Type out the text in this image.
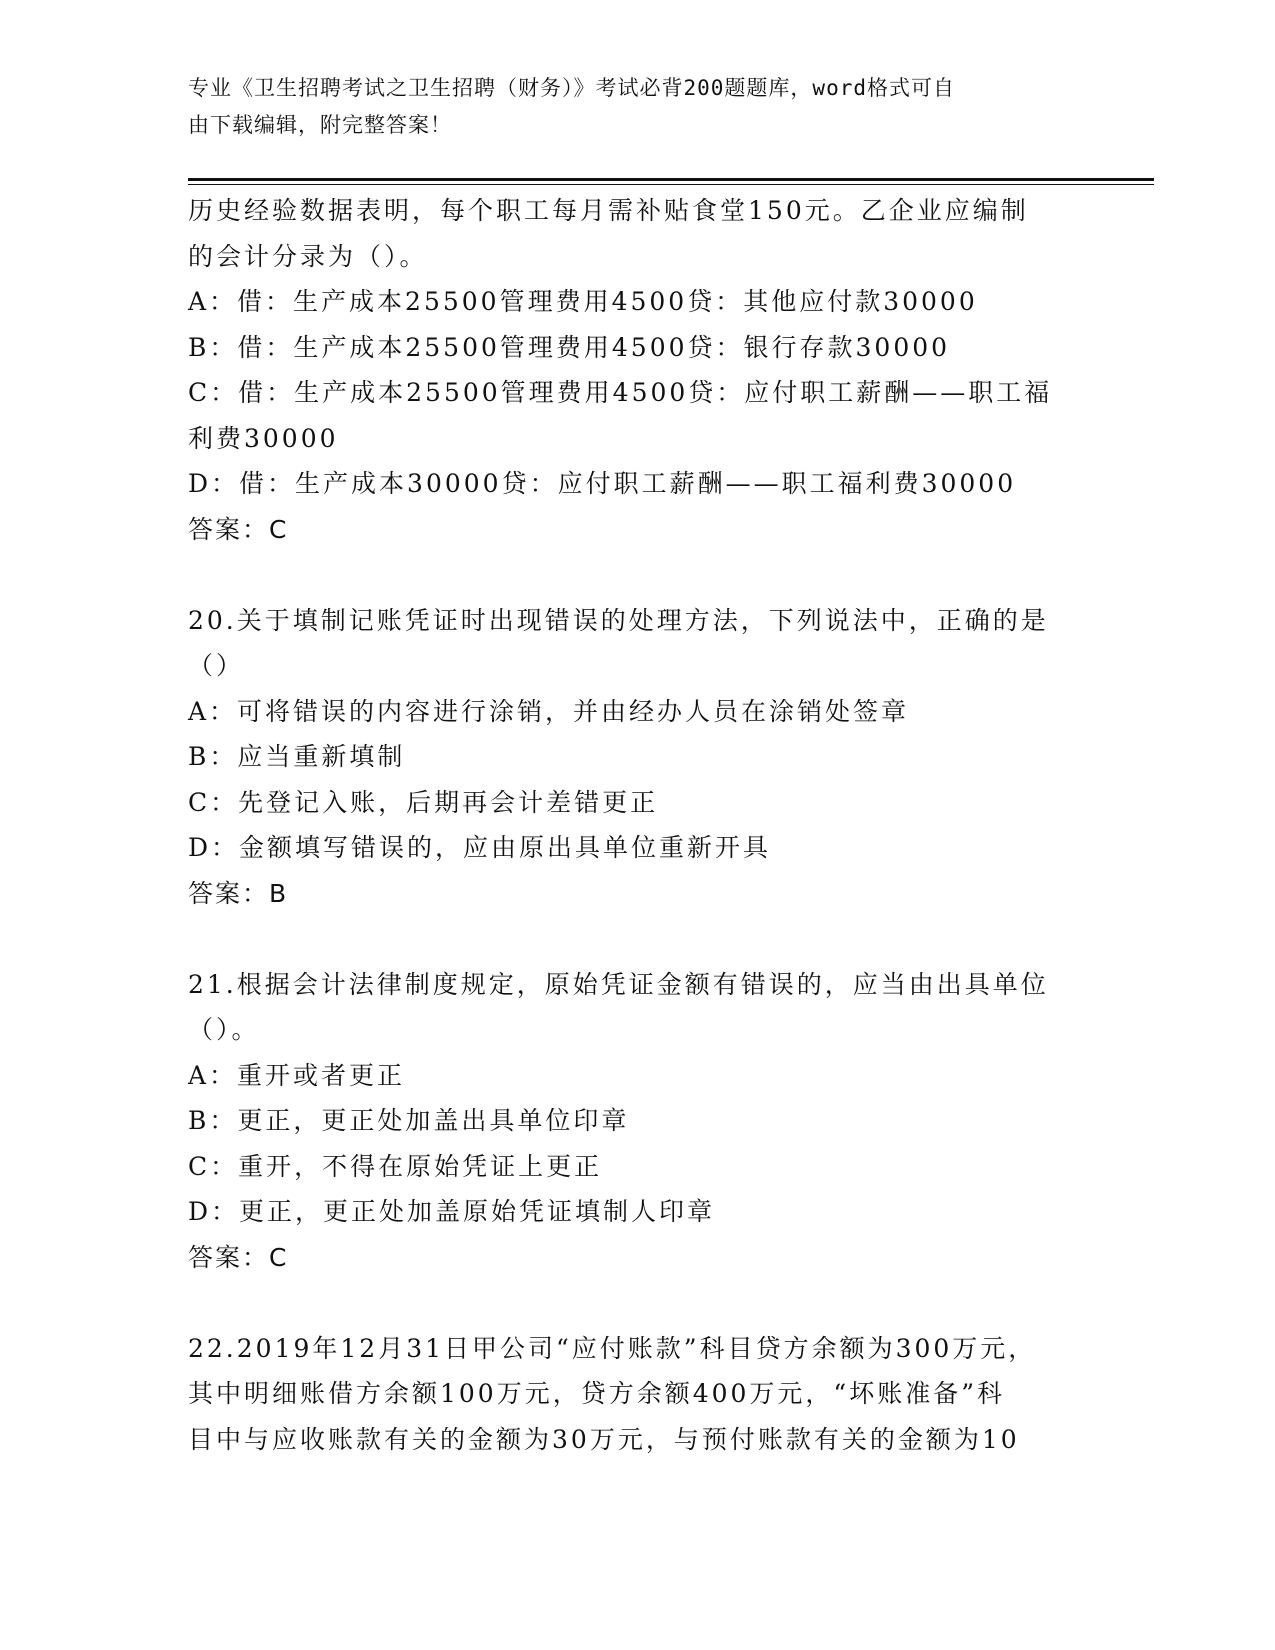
专业《卫生招聘考试之卫生招聘（财务）》考试必背200题题库，word格式可自
由下载编辑，附完整答案！
历史经验数据表明，每个职工每月需补贴食堂150元。乙企业应编制
的会计分录为（）。
A：借：生产成本25500管理费用4500贷：其他应付款30000
B：借：生产成本25500管理费用4500贷：银行存款30000
C：借：生产成本25500管理费用4500贷：应付职工薪酬——职工福
利费30000
D：借：生产成本30000贷：应付职工薪酬——职工福利费30000
答案：C
20.关于填制记账凭证时出现错误的处理方法，下列说法中，正确的是
（）
A：可将错误的内容进行涂销，并由经办人员在涂销处签章
B：应当重新填制
C：先登记入账，后期再会计差错更正
D：金额填写错误的，应由原出具单位重新开具
答案：B
21.根据会计法律制度规定，原始凭证金额有错误的，应当由出具单位
（）。
A：重开或者更正
B：更正，更正处加盖出具单位印章
C：重开，不得在原始凭证上更正
D：更正，更正处加盖原始凭证填制人印章
答案：C
22.2019年12月31日甲公司“应付账款”科目贷方余额为300万元，
其中明细账借方余额100万元，贷方余额400万元，“坏账准备”科
目中与应收账款有关的金额为30万元，与预付账款有关的金额为10
